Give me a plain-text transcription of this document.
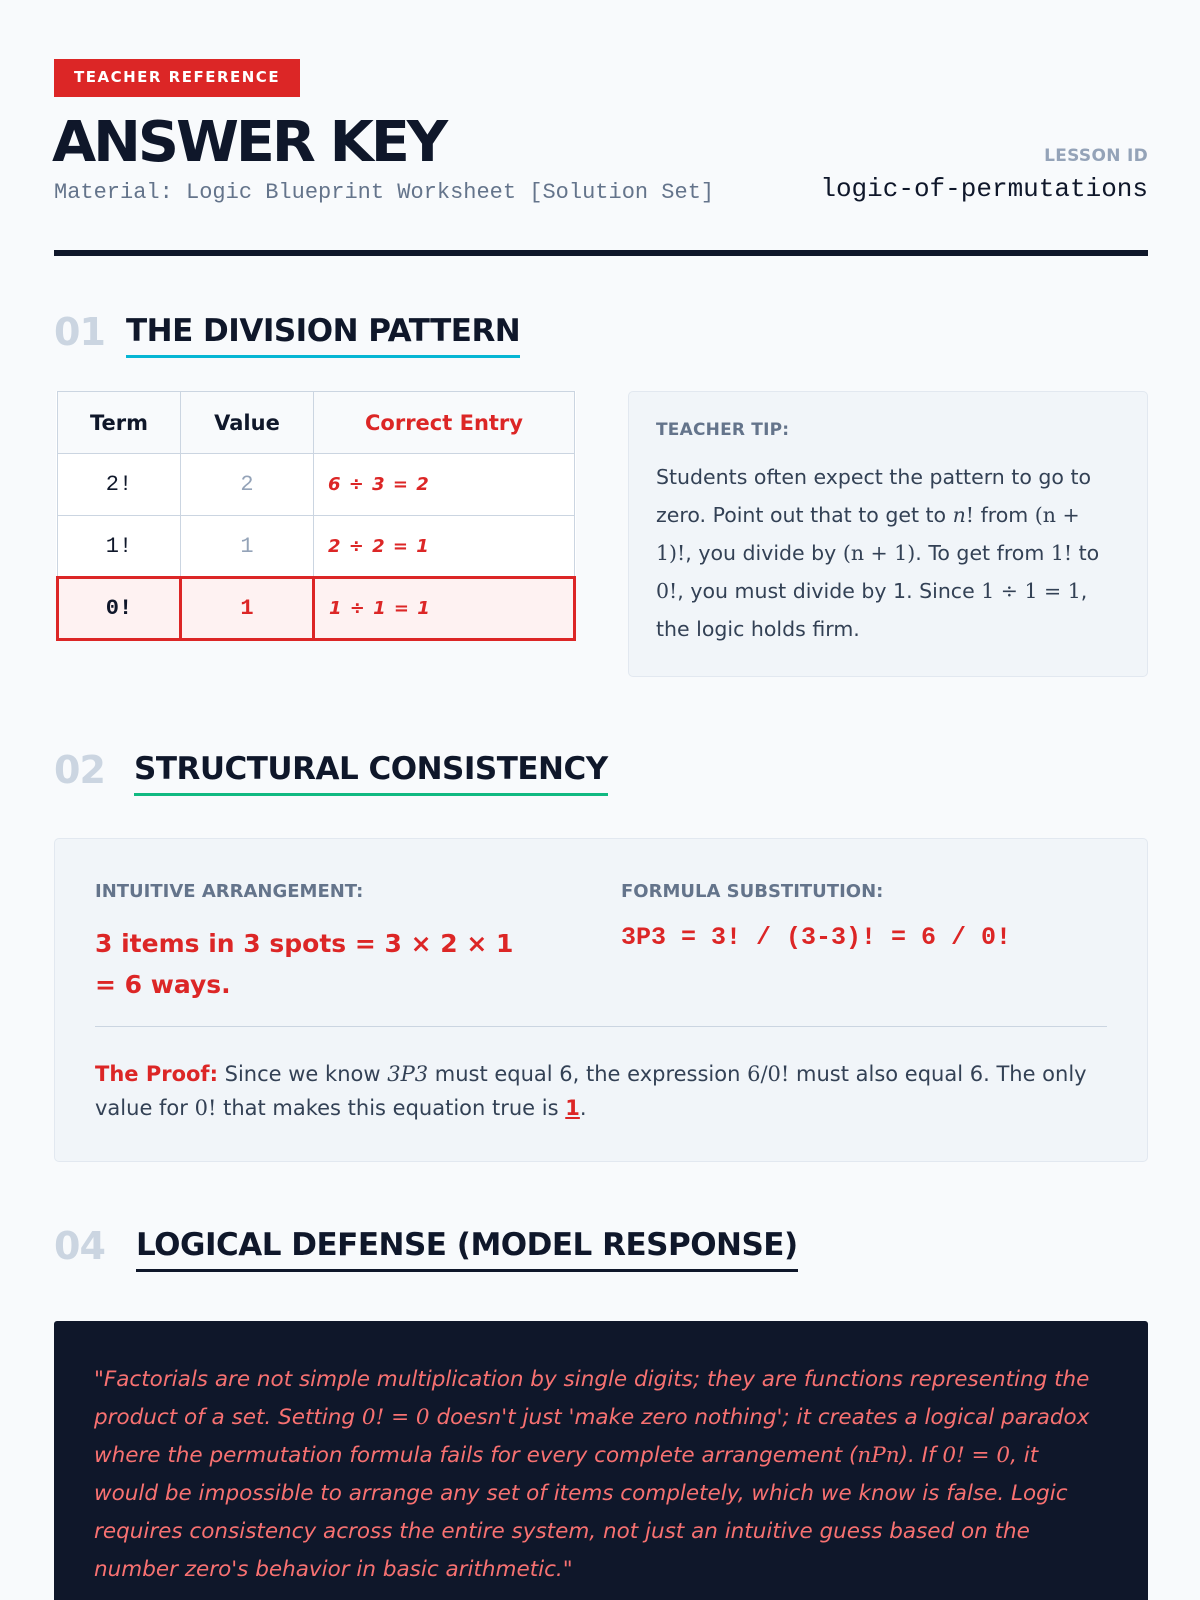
TEACHER REFERENCE
ANSWER KEY
Material: Logic Blueprint Worksheet [Solution Set]
LESSON ID
logic-of-permutations
01 THE DIVISION PATTERN
Term	Value	Correct Entry
2!	2	6 ÷ 3 = 2
1!	1	2 ÷ 2 = 1
0!	1	1 ÷ 1 = 1
TEACHER TIP:
Students often expect the pattern to go to zero. Point out that to get to n! from (n + 1)!, you divide by (n + 1). To get from 1! to 0!, you must divide by 1. Since 1 ÷ 1 = 1, the logic holds firm.
02 STRUCTURAL CONSISTENCY
INTUITIVE ARRANGEMENT:
3 items in 3 spots = 3 × 2 × 1 = 6 ways.
FORMULA SUBSTITUTION:
3P3 = 3! / (3-3)! = 6 / 0!
The Proof: Since we know 3P3 must equal 6, the expression 6/0! must also equal 6. The only value for 0! that makes this equation true is 1.
04 LOGICAL DEFENSE (MODEL RESPONSE)
"Factorials are not simple multiplication by single digits; they are functions representing the product of a set. Setting 0! = 0 doesn't just 'make zero nothing'; it creates a logical paradox where the permutation formula fails for every complete arrangement (nPn). If 0! = 0, it would be impossible to arrange any set of items completely, which we know is false. Logic requires consistency across the entire system, not just an intuitive guess based on the number zero's behavior in basic arithmetic."
